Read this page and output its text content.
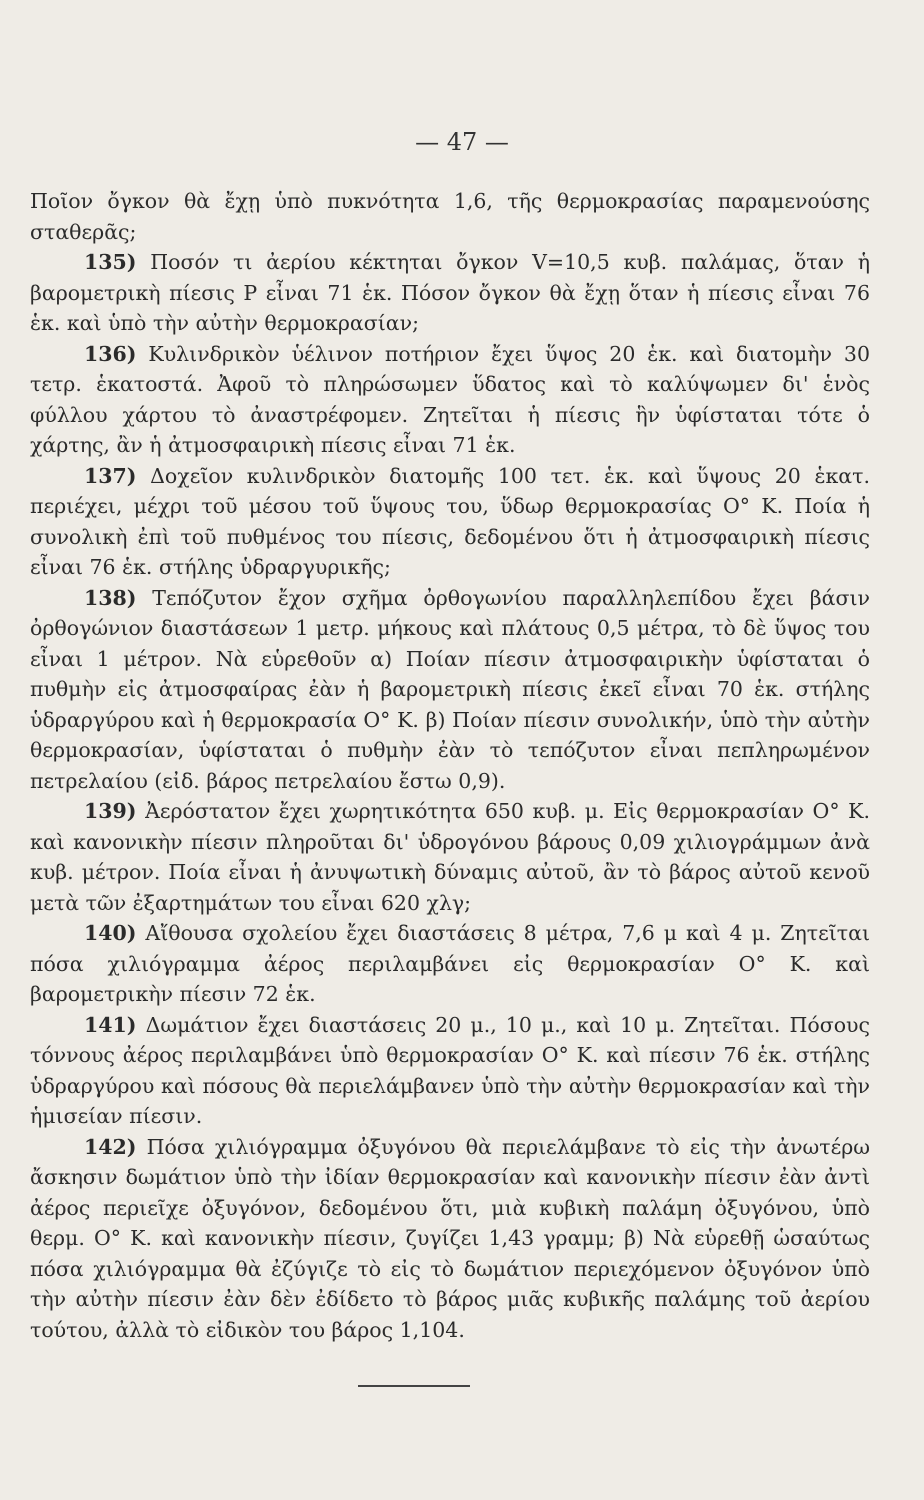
— 47 —

Ποῖον ὄγκον θὰ ἔχῃ ὑπὸ πυκνότητα 1,6, τῆς θερμοκρασίας παραμενούσης σταθερᾶς;

135) Ποσόν τι ἀερίου κέκτηται ὄγκον V=10,5 κυβ. παλάμας, ὅταν ἡ βαρομετρικὴ πίεσις P εἶναι 71 ἑκ. Πόσον ὄγκον θὰ ἔχῃ ὅταν ἡ πίεσις εἶναι 76 ἑκ. καὶ ὑπὸ τὴν αὐτὴν θερμοκρασίαν;

136) Κυλινδρικὸν ὑέλινον ποτήριον ἔχει ὕψος 20 ἑκ. καὶ διατομὴν 30 τετρ. ἑκατοστά. Ἀφοῦ τὸ πληρώσωμεν ὕδατος καὶ τὸ καλύψωμεν δι' ἑνὸς φύλλου χάρτου τὸ ἀναστρέφομεν. Ζητεῖται ἡ πίεσις ἣν ὑφίσταται τότε ὁ χάρτης, ἂν ἡ ἀτμοσφαιρικὴ πίεσις εἶναι 71 ἑκ.

137) Δοχεῖον κυλινδρικὸν διατομῆς 100 τετ. ἑκ. καὶ ὕψους 20 ἑκατ. περιέχει, μέχρι τοῦ μέσου τοῦ ὕψους του, ὕδωρ θερμοκρασίας O° K. Ποία ἡ συνολικὴ ἐπὶ τοῦ πυθμένος του πίεσις, δεδομένου ὅτι ἡ ἀτμοσφαιρικὴ πίεσις εἶναι 76 ἑκ. στήλης ὑδραργυρικῆς;

138) Τεπόζυτον ἔχον σχῆμα ὀρθογωνίου παραλληλεπίδου ἔχει βάσιν ὀρθογώνιον διαστάσεων 1 μετρ. μήκους καὶ πλάτους 0,5 μέτρα, τὸ δὲ ὕψος του εἶναι 1 μέτρον. Νὰ εὑρεθοῦν α) Ποίαν πίεσιν ἀτμοσφαιρικὴν ὑφίσταται ὁ πυθμὴν εἰς ἀτμοσφαίρας ἐὰν ἡ βαρομετρικὴ πίεσις ἐκεῖ εἶναι 70 ἑκ. στήλης ὑδραργύρου καὶ ἡ θερμοκρασία O° K. β) Ποίαν πίεσιν συνολικήν, ὑπὸ τὴν αὐτὴν θερμοκρασίαν, ὑφίσταται ὁ πυθμὴν ἐὰν τὸ τεπόζυτον εἶναι πεπληρωμένον πετρελαίου (εἰδ. βάρος πετρελαίου ἔστω 0,9).

139) Ἀερόστατον ἔχει χωρητικότητα 650 κυβ. μ. Εἰς θερμοκρασίαν O° K. καὶ κανονικὴν πίεσιν πληροῦται δι' ὑδρογόνου βάρους 0,09 χιλιογράμμων ἀνὰ κυβ. μέτρον. Ποία εἶναι ἡ ἀνυψωτικὴ δύναμις αὐτοῦ, ἂν τὸ βάρος αὐτοῦ κενοῦ μετὰ τῶν ἐξαρτημάτων του εἶναι 620 χλγ;

140) Αἴθουσα σχολείου ἔχει διαστάσεις 8 μέτρα, 7,6 μ καὶ 4 μ. Ζητεῖται πόσα χιλιόγραμμα ἀέρος περιλαμβάνει εἰς θερμοκρασίαν O° K. καὶ βαρομετρικὴν πίεσιν 72 ἑκ.

141) Δωμάτιον ἔχει διαστάσεις 20 μ., 10 μ., καὶ 10 μ. Ζητεῖται. Πόσους τόννους ἀέρος περιλαμβάνει ὑπὸ θερμοκρασίαν O° K. καὶ πίεσιν 76 ἑκ. στήλης ὑδραργύρου καὶ πόσους θὰ περιελάμβανεν ὑπὸ τὴν αὐτὴν θερμοκρασίαν καὶ τὴν ἡμισείαν πίεσιν.

142) Πόσα χιλιόγραμμα ὀξυγόνου θὰ περιελάμβανε τὸ εἰς τὴν ἀνωτέρω ἄσκησιν δωμάτιον ὑπὸ τὴν ἰδίαν θερμοκρασίαν καὶ κανονικὴν πίεσιν ἐὰν ἀντὶ ἀέρος περιεῖχε ὀξυγόνον, δεδομένου ὅτι, μιὰ κυβικὴ παλάμη ὀξυγόνου, ὑπὸ θερμ. O° K. καὶ κανονικὴν πίεσιν, ζυγίζει 1,43 γραμμ; β) Νὰ εὑρεθῇ ὡσαύτως πόσα χιλιόγραμμα θὰ ἐζύγιζε τὸ εἰς τὸ δωμάτιον περιεχόμενον ὀξυγόνον ὑπὸ τὴν αὐτὴν πίεσιν ἐὰν δὲν ἐδίδετο τὸ βάρος μιᾶς κυβικῆς παλάμης τοῦ ἀερίου τούτου, ἀλλὰ τὸ εἰδικὸν του βάρος 1,104.
